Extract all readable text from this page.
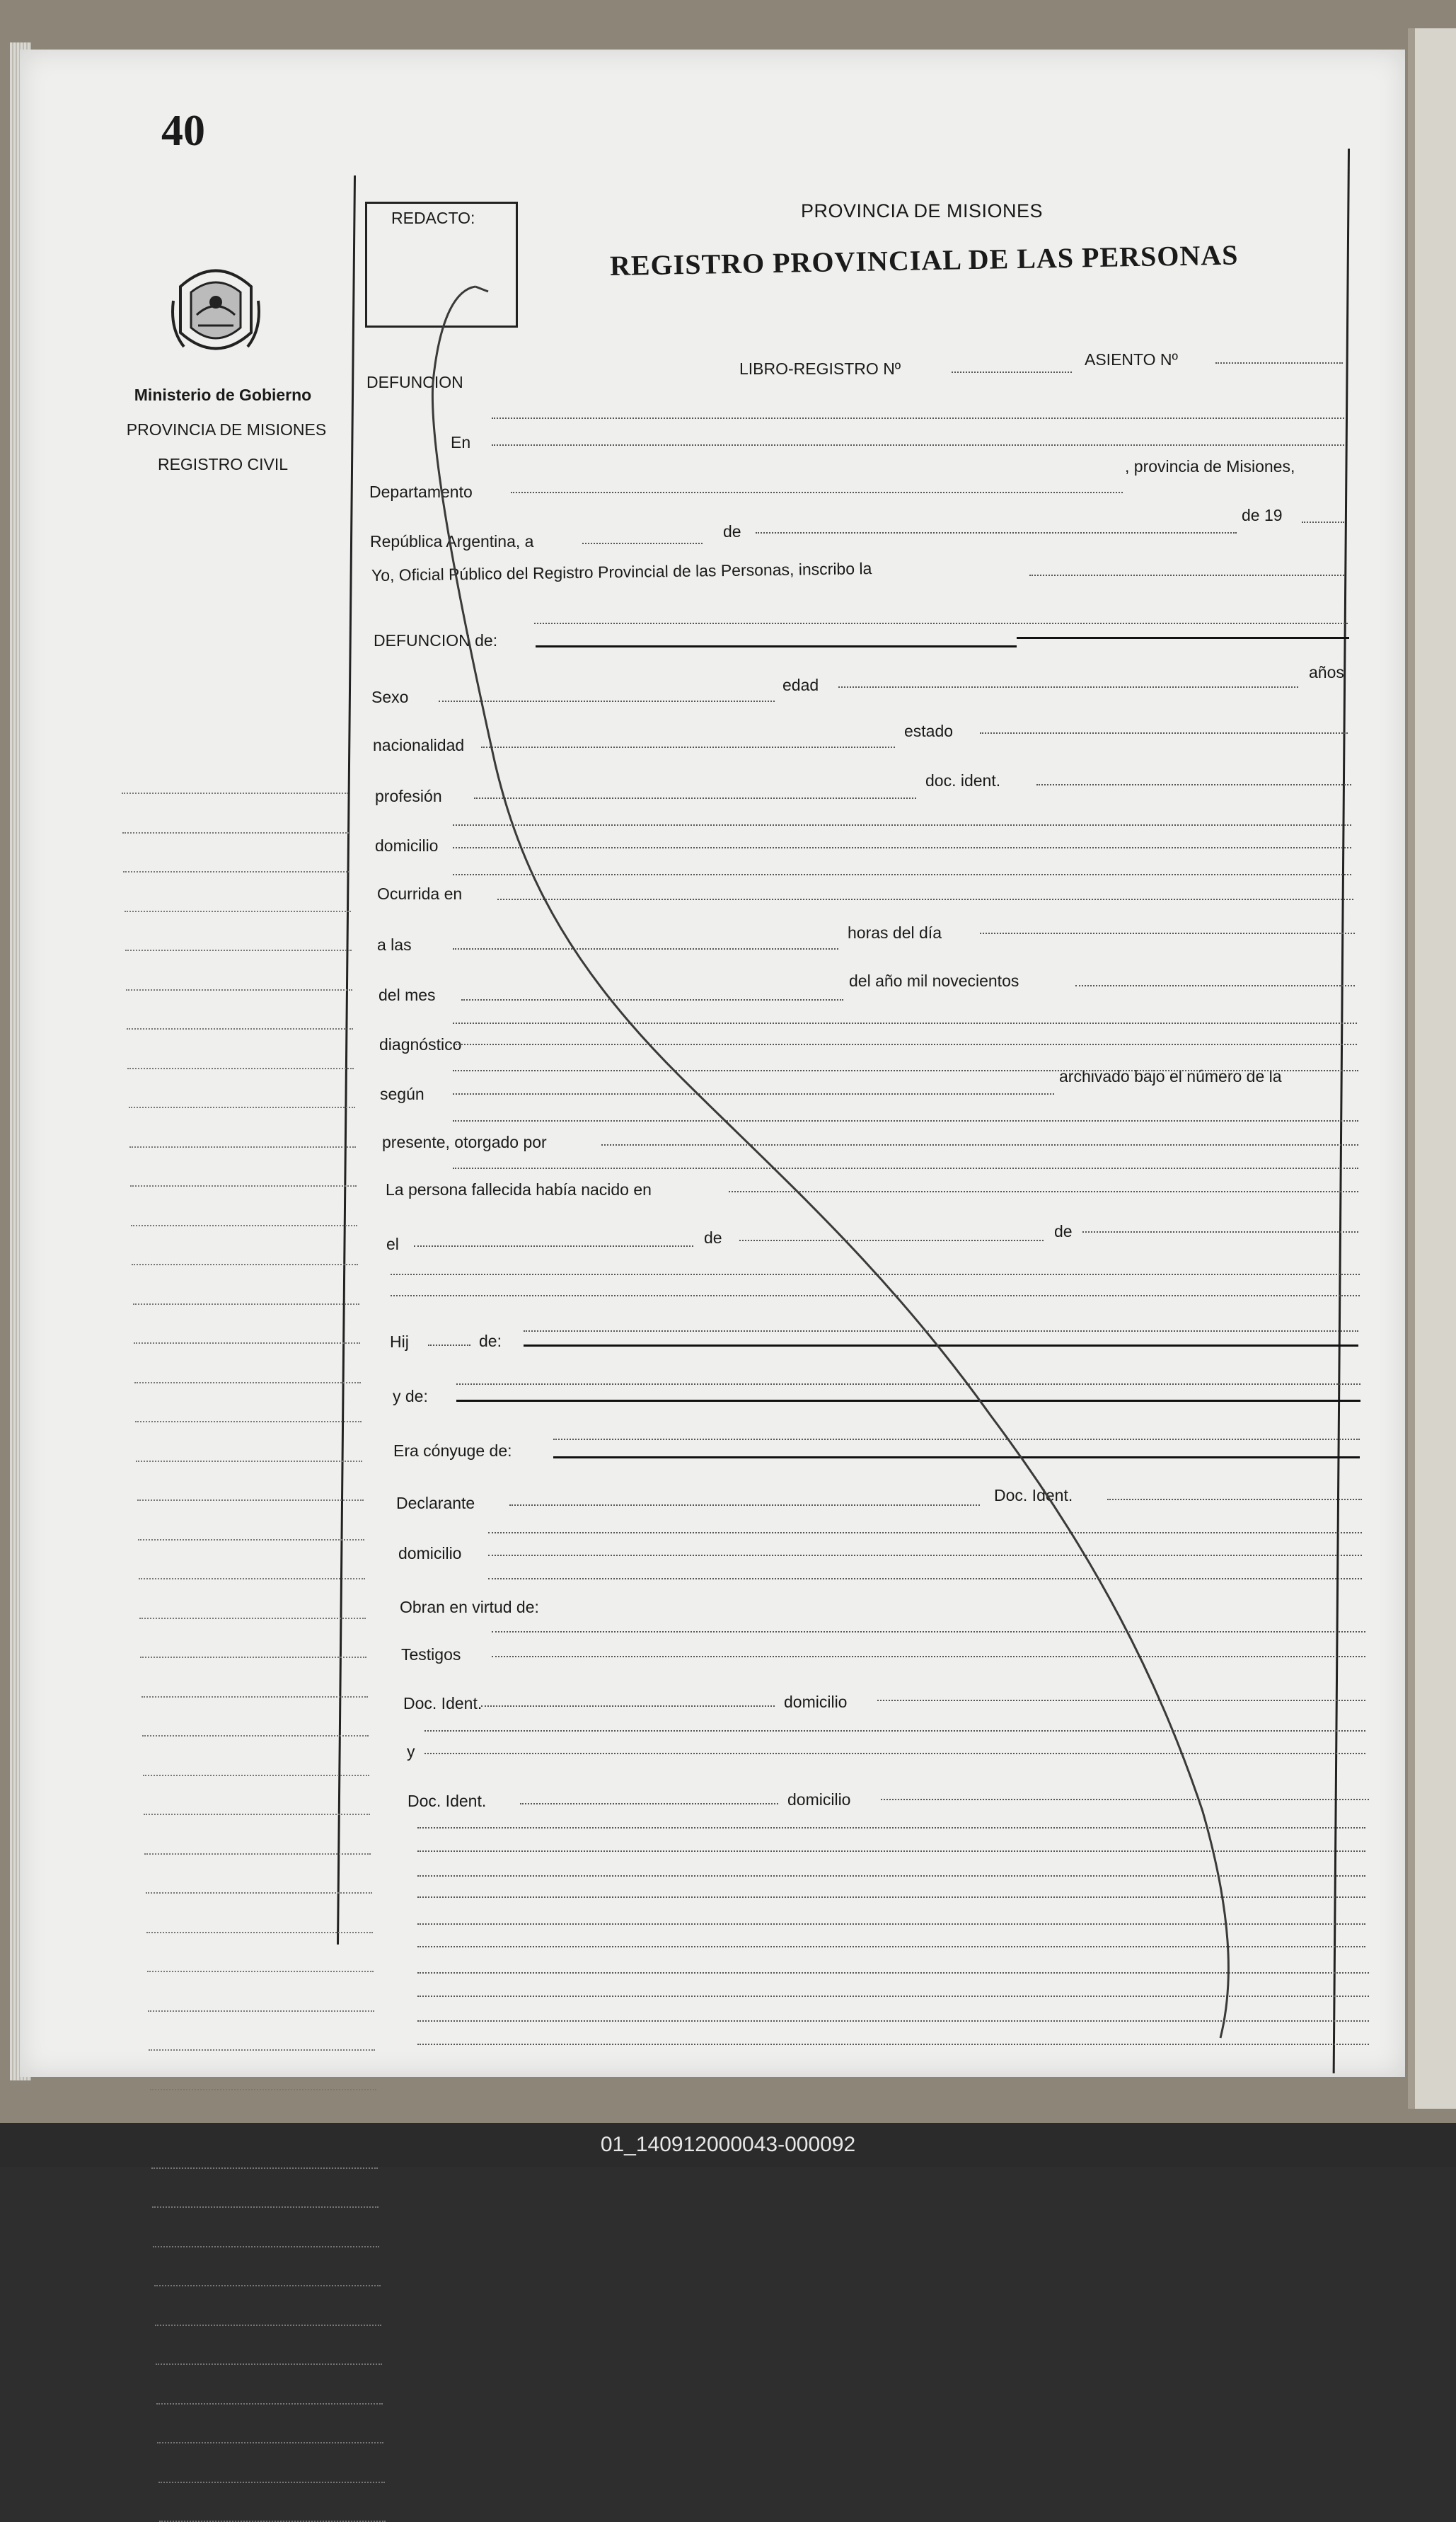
40
REDACTO:	PROVINCIA DE MISIONES
REGISTRO PROVINCIAL DE LAS PERSONAS
Ministerio de Gobierno
PROVINCIA DE MISIONES
REGISTRO CIVIL
DEFUNCION
LIBRO-REGISTRO Nº	ASIENTO Nº
En
Departamento
, provincia de Misiones,
República Argentina, a
de
de 19
Yo, Oficial Público del Registro Provincial de las Personas, inscribo la
DEFUNCION de:
Sexo
edad
años
nacionalidad
estado
profesión
doc. ident.
domicilio
Ocurrida en
a las
horas del día
del mes
del año mil novecientos
diagnóstico
según
archivado bajo el número de la
presente, otorgado por
La persona fallecida había nacido en
el	de	de
Hij	de:
y de:
Era cónyuge de:
Declarante	Doc. Ident.
domicilio
Obran en virtud de:
Testigos
Doc. Ident.	domicilio
y
Doc. Ident.	domicilio
01_140912000043-000092
